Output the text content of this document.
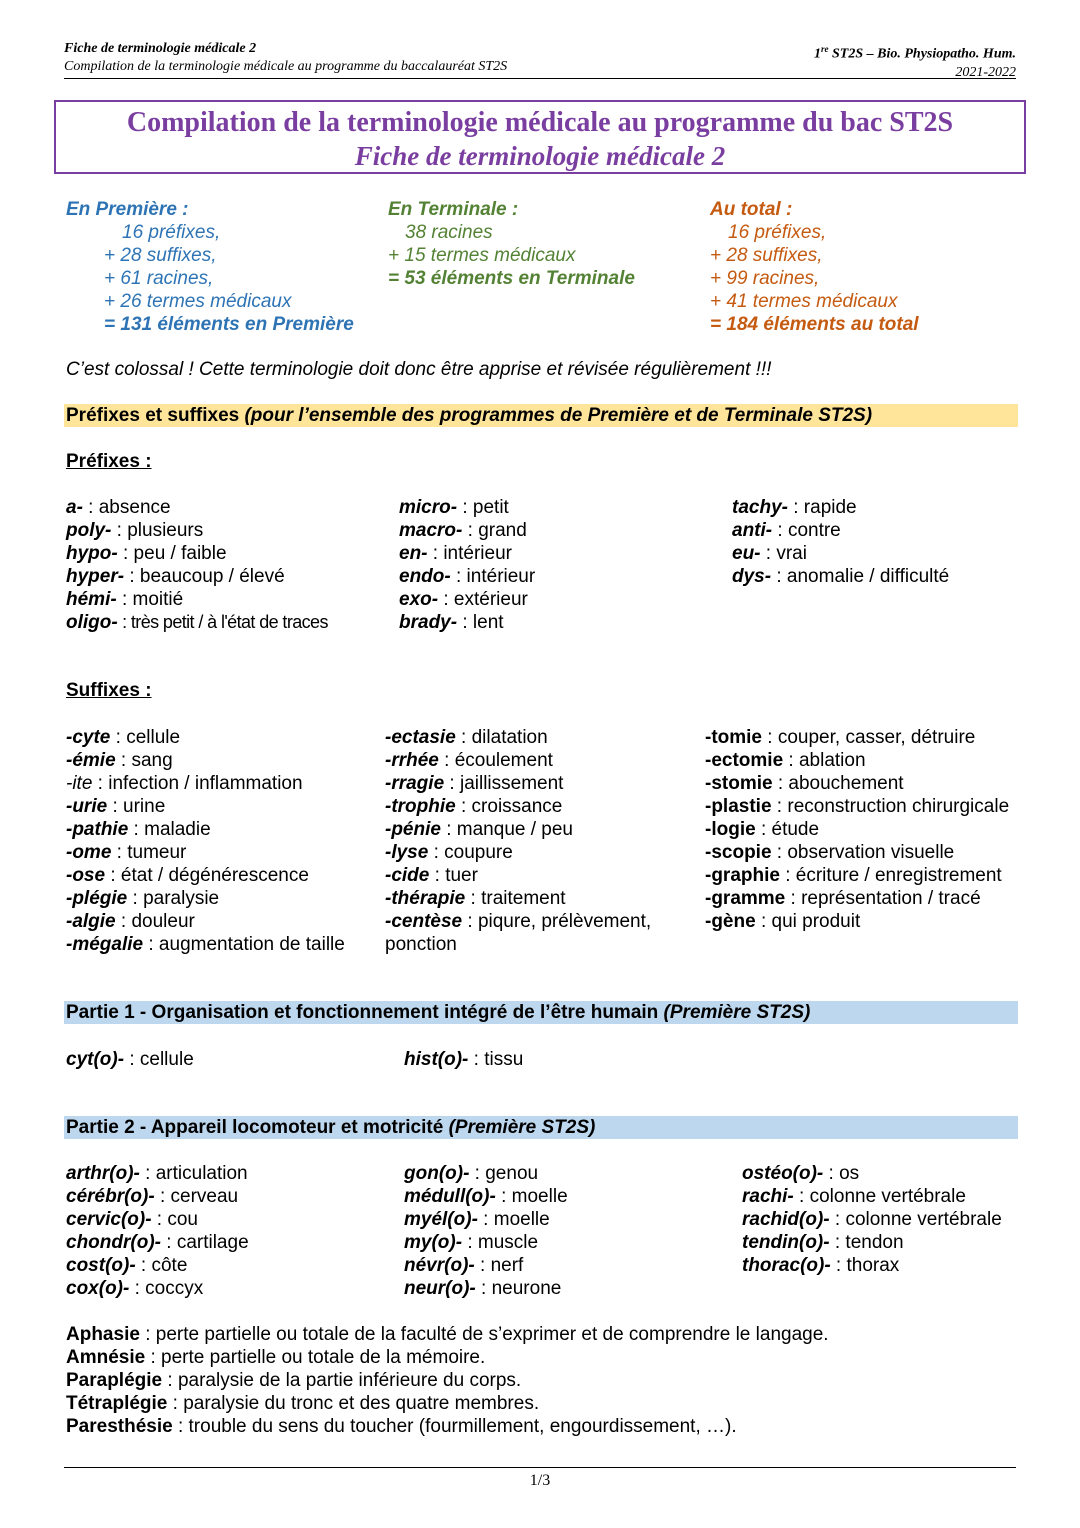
Fiche de terminologie médicale 2
Compilation de la terminologie médicale au programme du baccalauréat ST2S
1re ST2S – Bio. Physiopatho. Hum.
2021-2022
Compilation de la terminologie médicale au programme du bac ST2S
Fiche de terminologie médicale 2
En Première :
16 préfixes,
+ 28 suffixes,
+ 61 racines,
+ 26 termes médicaux
= 131 éléments en Première
En Terminale :
38 racines
+ 15 termes médicaux
= 53 éléments en Terminale
Au total :
16 préfixes,
+ 28 suffixes,
+ 99 racines,
+ 41 termes médicaux
= 184 éléments au total
C’est colossal ! Cette terminologie doit donc être apprise et révisée régulièrement !!!
Préfixes et suffixes (pour l’ensemble des programmes de Première et de Terminale ST2S)
Préfixes :
a- : absence
poly- : plusieurs
hypo- : peu / faible
hyper- : beaucoup / élevé
hémi- : moitié
oligo- : très petit / à l'état de traces
micro- : petit
macro- : grand
en- : intérieur
endo- : intérieur
exo- : extérieur
brady- : lent
tachy- : rapide
anti- : contre
eu- : vrai
dys- : anomalie / difficulté
Suffixes :
-cyte : cellule
-émie : sang
-ite : infection / inflammation
-urie : urine
-pathie : maladie
-ome : tumeur
-ose : état / dégénérescence
-plégie : paralysie
-algie : douleur
-mégalie : augmentation de taille
-ectasie : dilatation
-rrhée : écoulement
-rragie : jaillissement
-trophie : croissance
-pénie : manque / peu
-lyse : coupure
-cide : tuer
-thérapie : traitement
-centèse : piqure, prélèvement,
ponction
-tomie : couper, casser, détruire
-ectomie : ablation
-stomie : abouchement
-plastie : reconstruction chirurgicale
-logie : étude
-scopie : observation visuelle
-graphie : écriture / enregistrement
-gramme : représentation / tracé
-gène : qui produit
Partie 1 - Organisation et fonctionnement intégré de l’être humain (Première ST2S)
cyt(o)- : cellule	hist(o)- : tissu
Partie 2 - Appareil locomoteur et motricité (Première ST2S)
arthr(o)- : articulation
cérébr(o)- : cerveau
cervic(o)- : cou
chondr(o)- : cartilage
cost(o)- : côte
cox(o)- : coccyx
gon(o)- : genou
médull(o)- : moelle
myél(o)- : moelle
my(o)- : muscle
névr(o)- : nerf
neur(o)- : neurone
ostéo(o)- : os
rachi- : colonne vertébrale
rachid(o)- : colonne vertébrale
tendin(o)- : tendon
thorac(o)- : thorax
Aphasie : perte partielle ou totale de la faculté de s’exprimer et de comprendre le langage.
Amnésie : perte partielle ou totale de la mémoire.
Paraplégie : paralysie de la partie inférieure du corps.
Tétraplégie : paralysie du tronc et des quatre membres.
Paresthésie : trouble du sens du toucher (fourmillement, engourdissement, …).
1/3
